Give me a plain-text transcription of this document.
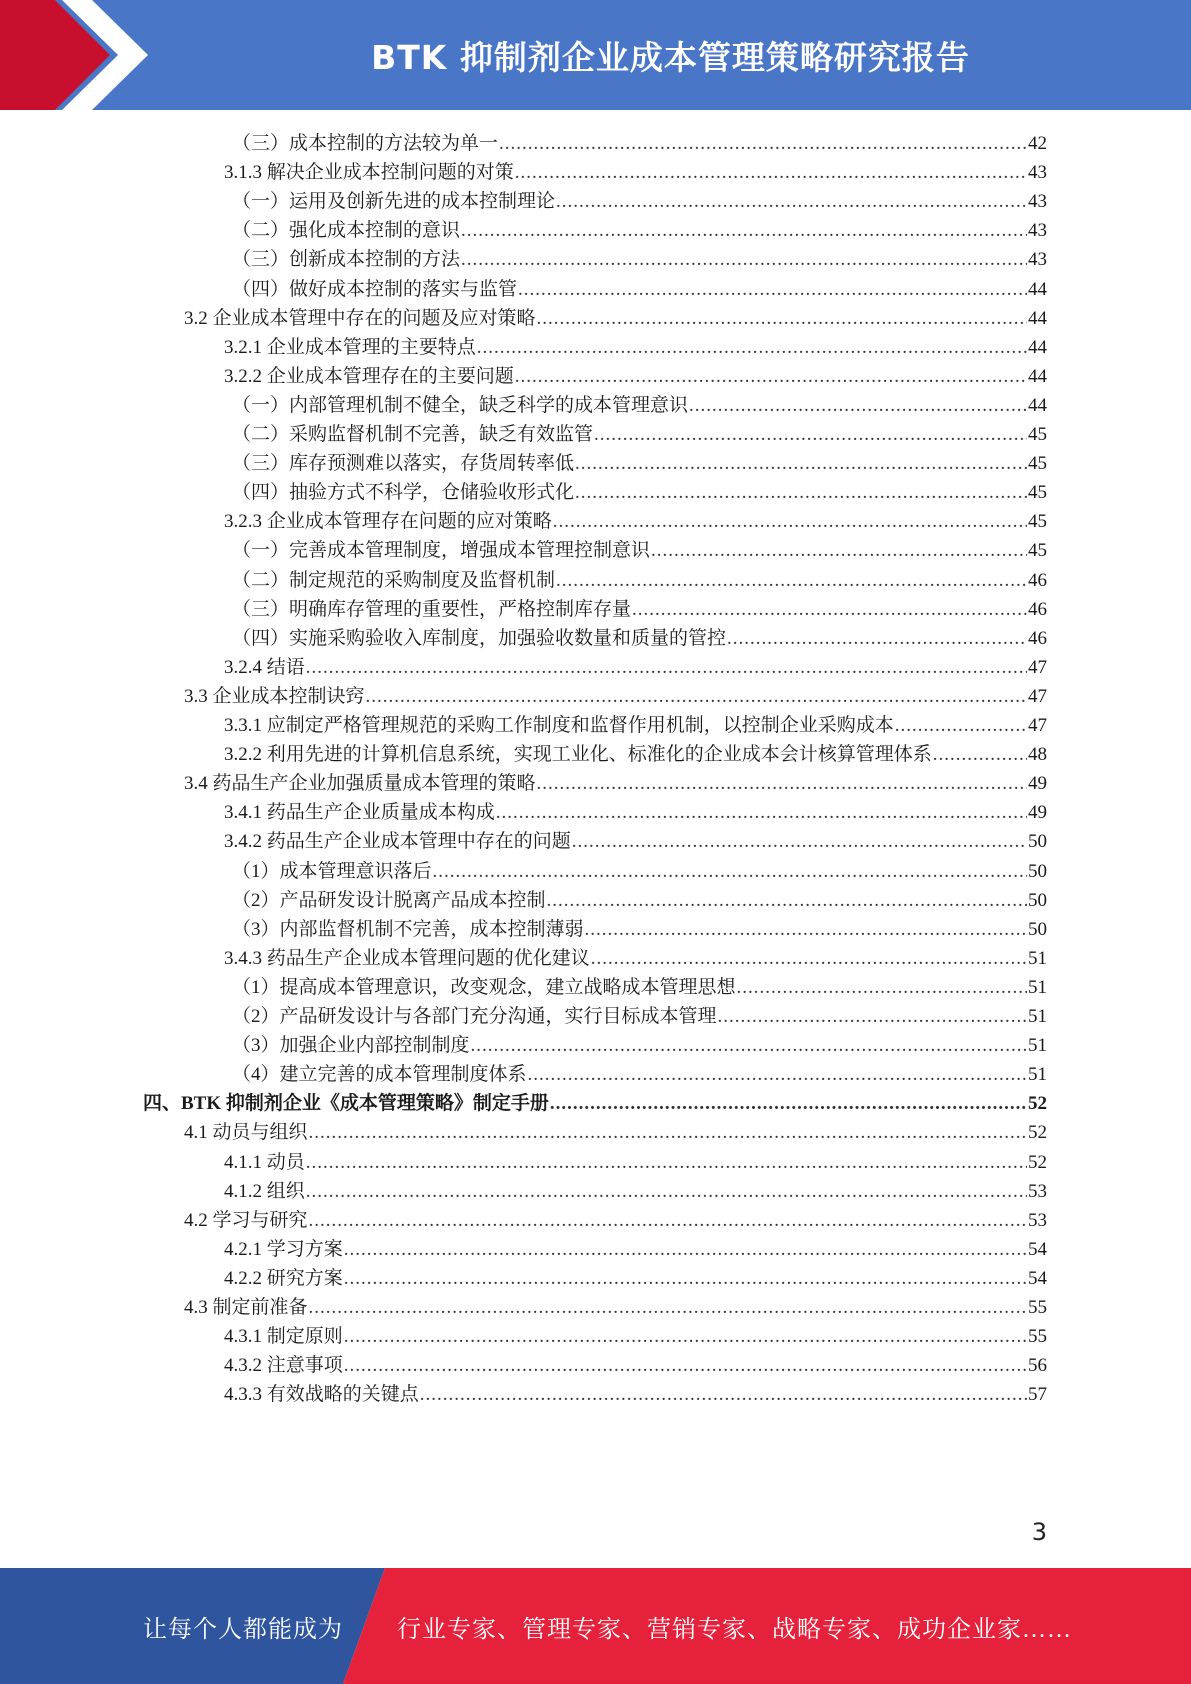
BTK 抑制剂企业成本管理策略研究报告
（三）成本控制的方法较为单一 .....	42
3.1.3 解决企业成本控制问题的对策 .....	43
（一）运用及创新先进的成本控制理论 .....	43
（二）强化成本控制的意识 .....	43
（三）创新成本控制的方法 .....	43
（四）做好成本控制的落实与监管 .....	44
3.2 企业成本管理中存在的问题及应对策略 .....	44
3.2.1 企业成本管理的主要特点 .....	44
3.2.2 企业成本管理存在的主要问题 .....	44
（一）内部管理机制不健全，缺乏科学的成本管理意识 .....	44
（二）采购监督机制不完善，缺乏有效监管 .....	45
（三）库存预测难以落实，存货周转率低 .....	45
（四）抽验方式不科学，仓储验收形式化 .....	45
3.2.3 企业成本管理存在问题的应对策略 .....	45
（一）完善成本管理制度，增强成本管理控制意识 .....	45
（二）制定规范的采购制度及监督机制 .....	46
（三）明确库存管理的重要性，严格控制库存量 .....	46
（四）实施采购验收入库制度，加强验收数量和质量的管控 .....	46
3.2.4 结语 .....	47
3.3 企业成本控制诀窍 .....	47
3.3.1 应制定严格管理规范的采购工作制度和监督作用机制，以控制企业采购成本 .....	47
3.2.2 利用先进的计算机信息系统，实现工业化、标准化的企业成本会计核算管理体系 .....	48
3.4 药品生产企业加强质量成本管理的策略 .....	49
3.4.1 药品生产企业质量成本构成 .....	49
3.4.2 药品生产企业成本管理中存在的问题 .....	50
（1）成本管理意识落后 .....	50
（2）产品研发设计脱离产品成本控制 .....	50
（3）内部监督机制不完善，成本控制薄弱 .....	50
3.4.3 药品生产企业成本管理问题的优化建议 .....	51
（1）提高成本管理意识，改变观念，建立战略成本管理思想 .....	51
（2）产品研发设计与各部门充分沟通，实行目标成本管理 .....	51
（3）加强企业内部控制制度 .....	51
（4）建立完善的成本管理制度体系 .....	51
四、BTK 抑制剂企业《成本管理策略》制定手册 .....	52
4.1 动员与组织 .....	52
4.1.1 动员 .....	52
4.1.2 组织 .....	53
4.2 学习与研究 .....	53
4.2.1 学习方案 .....	54
4.2.2 研究方案 .....	54
4.3 制定前准备 .....	55
4.3.1 制定原则 .....	55
4.3.2 注意事项 .....	56
4.3.3 有效战略的关键点 .....	57
3
让每个人都能成为 行业专家、管理专家、营销专家、战略专家、成功企业家……
